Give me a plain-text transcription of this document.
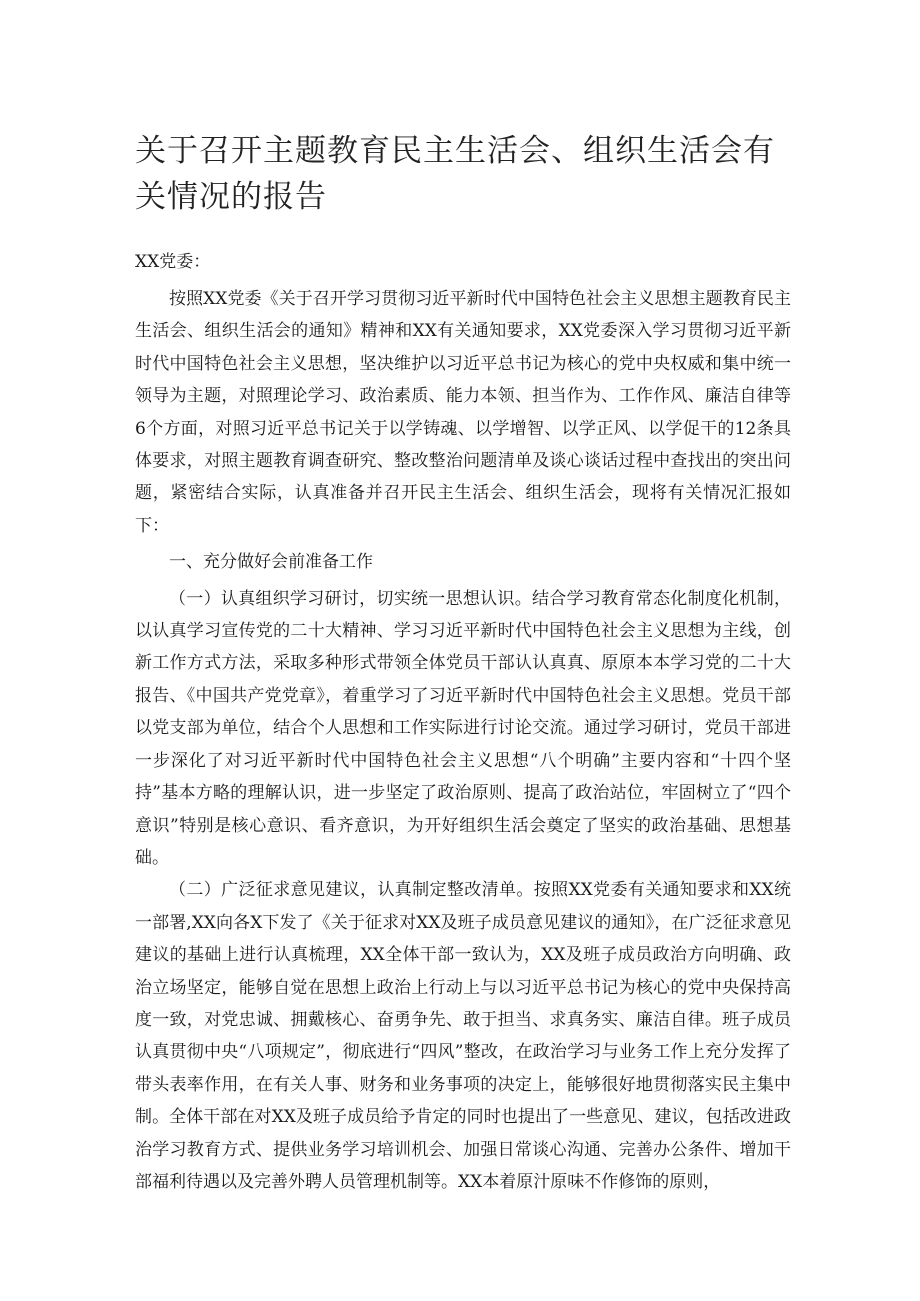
关于召开主题教育民主生活会、组织生活会有关情况的报告

XX党委：

按照XX党委《关于召开学习贯彻习近平新时代中国特色社会主义思想主题教育民主生活会、组织生活会的通知》精神和XX有关通知要求，XX党委深入学习贯彻习近平新时代中国特色社会主义思想，坚决维护以习近平总书记为核心的党中央权威和集中统一领导为主题，对照理论学习、政治素质、能力本领、担当作为、工作作风、廉洁自律等6个方面，对照习近平总书记关于以学铸魂、以学增智、以学正风、以学促干的12条具体要求，对照主题教育调查研究、整改整治问题清单及谈心谈话过程中查找出的突出问题，紧密结合实际，认真准备并召开民主生活会、组织生活会，现将有关情况汇报如下：

一、充分做好会前准备工作

（一）认真组织学习研讨，切实统一思想认识。结合学习教育常态化制度化机制，以认真学习宣传党的二十大精神、学习习近平新时代中国特色社会主义思想为主线，创新工作方式方法，采取多种形式带领全体党员干部认认真真、原原本本学习党的二十大报告、《中国共产党党章》，着重学习了习近平新时代中国特色社会主义思想。党员干部以党支部为单位，结合个人思想和工作实际进行讨论交流。通过学习研讨，党员干部进一步深化了对习近平新时代中国特色社会主义思想“八个明确”主要内容和“十四个坚持”基本方略的理解认识，进一步坚定了政治原则、提高了政治站位，牢固树立了“四个意识”特别是核心意识、看齐意识，为开好组织生活会奠定了坚实的政治基础、思想基础。

（二）广泛征求意见建议，认真制定整改清单。按照XX党委有关通知要求和XX统一部署,XX向各X下发了《关于征求对XX及班子成员意见建议的通知》，在广泛征求意见建议的基础上进行认真梳理，XX全体干部一致认为，XX及班子成员政治方向明确、政治立场坚定，能够自觉在思想上政治上行动上与以习近平总书记为核心的党中央保持高度一致，对党忠诚、拥戴核心、奋勇争先、敢于担当、求真务实、廉洁自律。班子成员认真贯彻中央“八项规定”，彻底进行“四风”整改，在政治学习与业务工作上充分发挥了带头表率作用，在有关人事、财务和业务事项的决定上，能够很好地贯彻落实民主集中制。全体干部在对XX及班子成员给予肯定的同时也提出了一些意见、建议，包括改进政治学习教育方式、提供业务学习培训机会、加强日常谈心沟通、完善办公条件、增加干部福利待遇以及完善外聘人员管理机制等。XX本着原汁原味不作修饰的原则，
